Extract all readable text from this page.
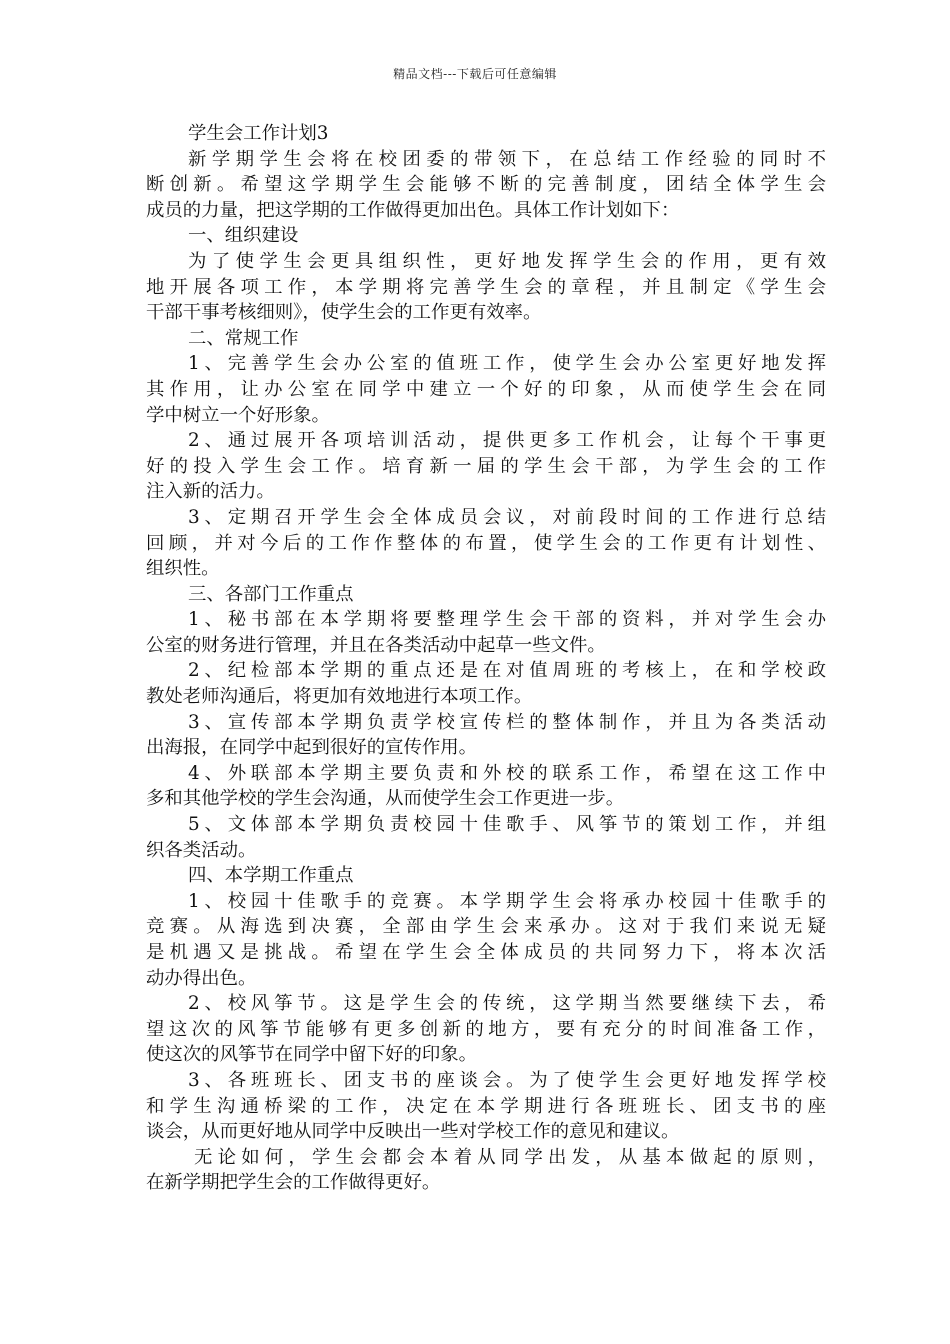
精品文档---下载后可任意编辑
学生会工作计划3
新学期学生会将在校团委的带领下，在总结工作经验的同时不
断创新。希望这学期学生会能够不断的完善制度，团结全体学生会
成员的力量，把这学期的工作做得更加出色。具体工作计划如下：
一、组织建设
为了使学生会更具组织性，更好地发挥学生会的作用，更有效
地开展各项工作，本学期将完善学生会的章程，并且制定《学生会
干部干事考核细则》，使学生会的工作更有效率。
二、常规工作
1、完善学生会办公室的值班工作，使学生会办公室更好地发挥
其作用，让办公室在同学中建立一个好的印象，从而使学生会在同
学中树立一个好形象。
2、通过展开各项培训活动，提供更多工作机会，让每个干事更
好的投入学生会工作。培育新一届的学生会干部，为学生会的工作
注入新的活力。
3、定期召开学生会全体成员会议，对前段时间的工作进行总结
回顾，并对今后的工作作整体的布置，使学生会的工作更有计划性、
组织性。
三、各部门工作重点
1、秘书部在本学期将要整理学生会干部的资料，并对学生会办
公室的财务进行管理，并且在各类活动中起草一些文件。
2、纪检部本学期的重点还是在对值周班的考核上，在和学校政
教处老师沟通后，将更加有效地进行本项工作。
3、宣传部本学期负责学校宣传栏的整体制作，并且为各类活动
出海报，在同学中起到很好的宣传作用。
4、外联部本学期主要负责和外校的联系工作，希望在这工作中
多和其他学校的学生会沟通，从而使学生会工作更进一步。
5、文体部本学期负责校园十佳歌手、风筝节的策划工作，并组
织各类活动。
四、本学期工作重点
1、校园十佳歌手的竞赛。本学期学生会将承办校园十佳歌手的
竞赛。从海选到决赛，全部由学生会来承办。这对于我们来说无疑
是机遇又是挑战。希望在学生会全体成员的共同努力下，将本次活
动办得出色。
2、校风筝节。这是学生会的传统，这学期当然要继续下去，希
望这次的风筝节能够有更多创新的地方，要有充分的时间准备工作，
使这次的风筝节在同学中留下好的印象。
3、各班班长、团支书的座谈会。为了使学生会更好地发挥学校
和学生沟通桥梁的工作，决定在本学期进行各班班长、团支书的座
谈会，从而更好地从同学中反映出一些对学校工作的意见和建议。
无论如何，学生会都会本着从同学出发，从基本做起的原则，
在新学期把学生会的工作做得更好。
